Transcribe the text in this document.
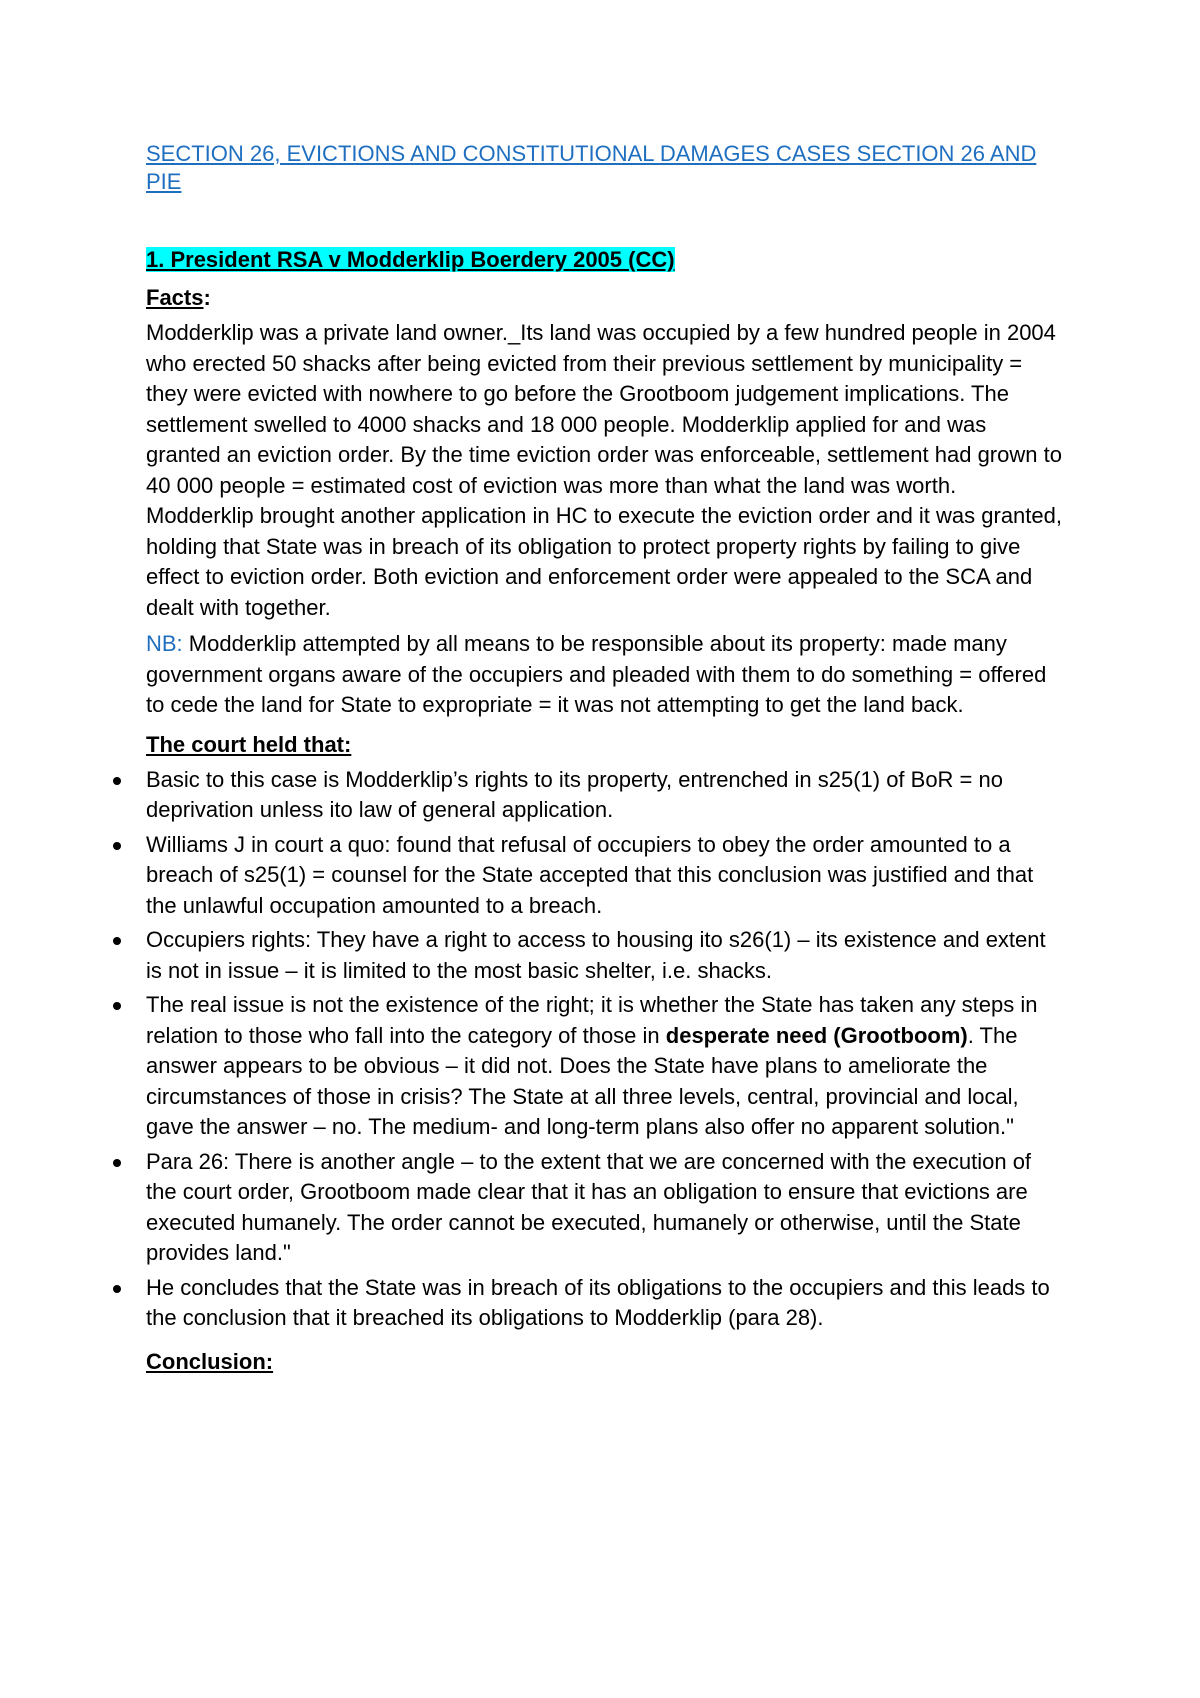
SECTION 26, EVICTIONS AND CONSTITUTIONAL DAMAGES CASES SECTION 26 AND PIE
1. President RSA v Modderklip Boerdery 2005 (CC)
Facts:

Modderklip was a private land owner._Its land was occupied by a few hundred people in 2004 who erected 50 shacks after being evicted from their previous settlement by municipality = they were evicted with nowhere to go before the Grootboom judgement implications. The settlement swelled to 4000 shacks and 18 000 people. Modderklip applied for and was granted an eviction order. By the time eviction order was enforceable, settlement had grown to 40 000 people = estimated cost of eviction was more than what the land was worth. Modderklip brought another application in HC to execute the eviction order and it was granted, holding that State was in breach of its obligation to protect property rights by failing to give effect to eviction order. Both eviction and enforcement order were appealed to the SCA and dealt with together.

NB: Modderklip attempted by all means to be responsible about its property: made many government organs aware of the occupiers and pleaded with them to do something = offered to cede the land for State to expropriate = it was not attempting to get the land back.

The court held that:
Basic to this case is Modderklip’s rights to its property, entrenched in s25(1) of BoR = no deprivation unless ito law of general application.
Williams J in court a quo: found that refusal of occupiers to obey the order amounted to a breach of s25(1) = counsel for the State accepted that this conclusion was justified and that the unlawful occupation amounted to a breach.
Occupiers rights: They have a right to access to housing ito s26(1) – its existence and extent is not in issue – it is limited to the most basic shelter, i.e. shacks.
The real issue is not the existence of the right; it is whether the State has taken any steps in relation to those who fall into the category of those in desperate need (Grootboom). The answer appears to be obvious – it did not. Does the State have plans to ameliorate the circumstances of those in crisis? The State at all three levels, central, provincial and local, gave the answer – no. The medium- and long-term plans also offer no apparent solution."
Para 26: There is another angle – to the extent that we are concerned with the execution of the court order, Grootboom made clear that it has an obligation to ensure that evictions are executed humanely. The order cannot be executed, humanely or otherwise, until the State provides land."
He concludes that the State was in breach of its obligations to the occupiers and this leads to the conclusion that it breached its obligations to Modderklip (para 28).
Conclusion:
